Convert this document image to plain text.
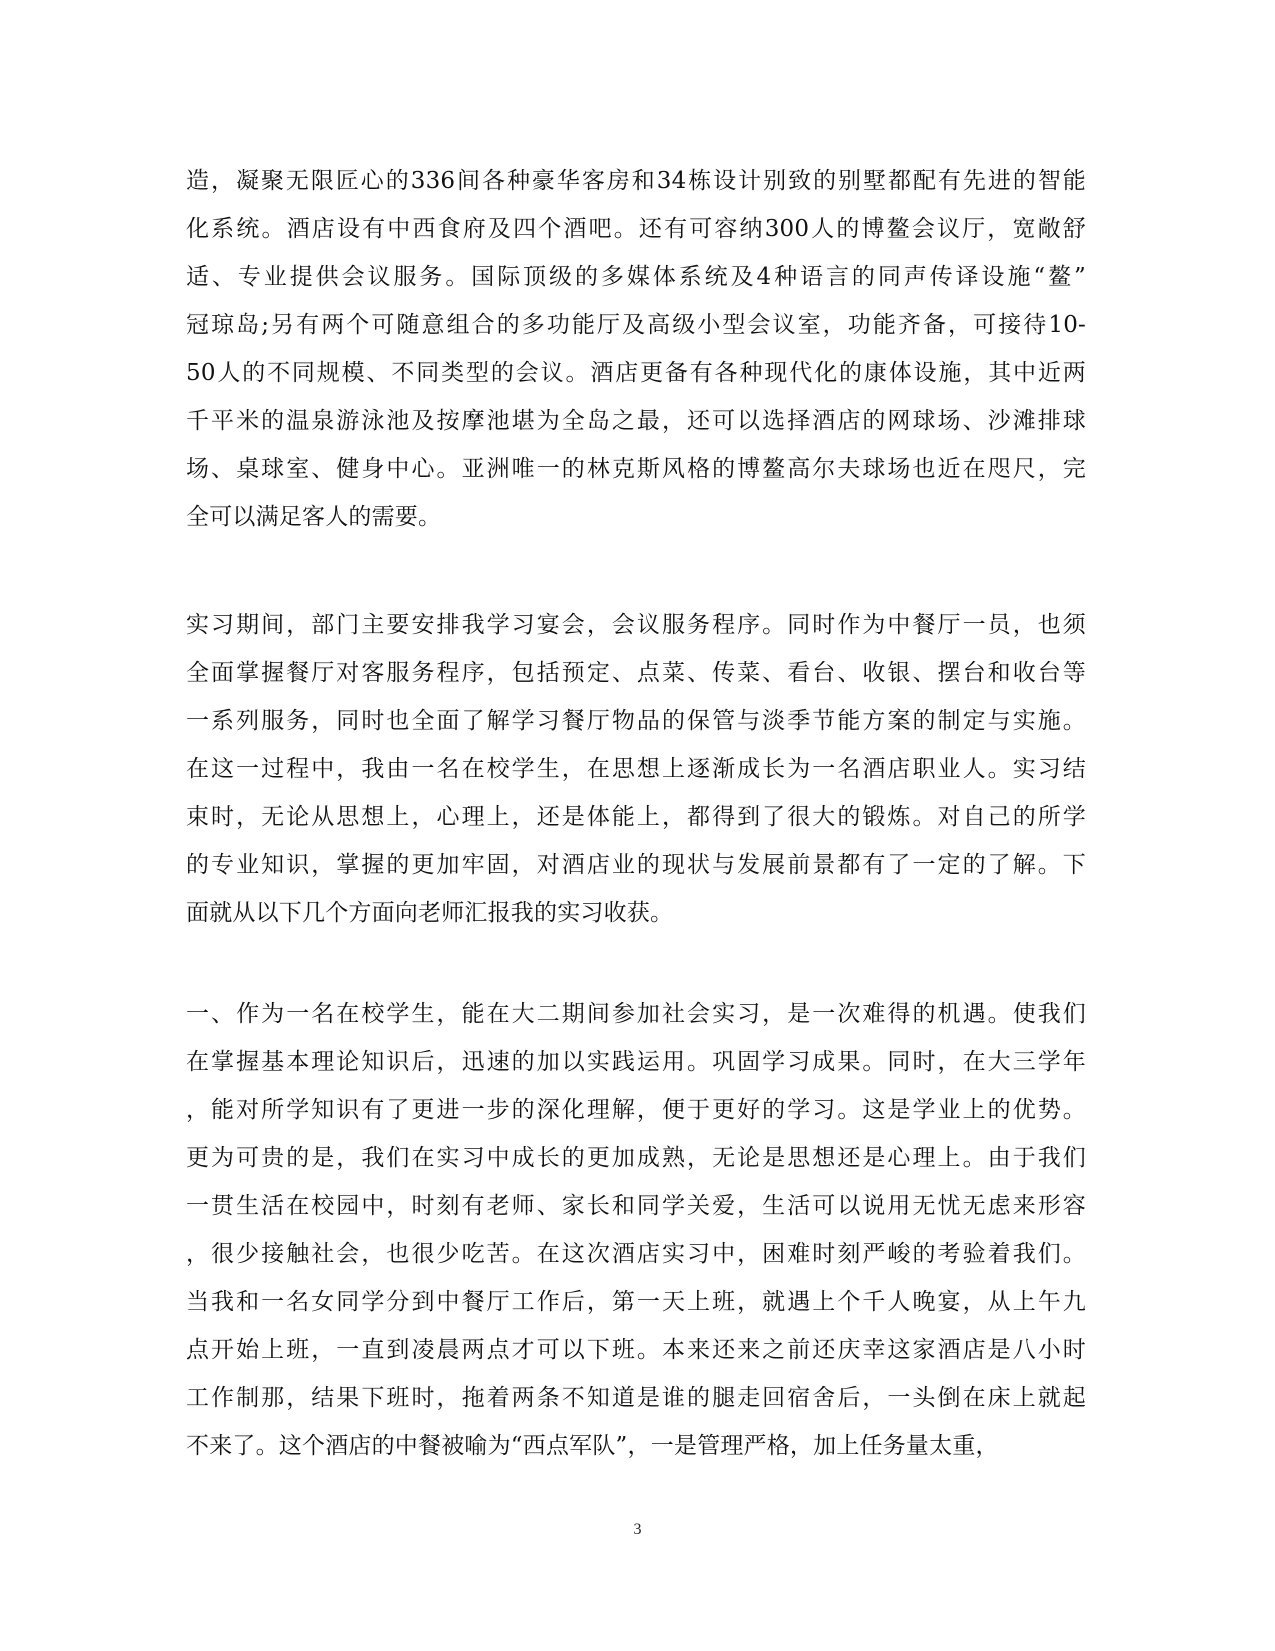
造，凝聚无限匠心的336间各种豪华客房和34栋设计别致的别墅都配有先进的智能
化系统。酒店设有中西食府及四个酒吧。还有可容纳300人的博鳌会议厅，宽敞舒
适、专业提供会议服务。国际顶级的多媒体系统及4种语言的同声传译设施“鳌”
冠琼岛;另有两个可随意组合的多功能厅及高级小型会议室，功能齐备，可接待10-
50人的不同规模、不同类型的会议。酒店更备有各种现代化的康体设施，其中近两
千平米的温泉游泳池及按摩池堪为全岛之最，还可以选择酒店的网球场、沙滩排球
场、桌球室、健身中心。亚洲唯一的林克斯风格的博鳌高尔夫球场也近在咫尺，完
全可以满足客人的需要。
实习期间，部门主要安排我学习宴会，会议服务程序。同时作为中餐厅一员，也须
全面掌握餐厅对客服务程序，包括预定、点菜、传菜、看台、收银、摆台和收台等
一系列服务，同时也全面了解学习餐厅物品的保管与淡季节能方案的制定与实施。
在这一过程中，我由一名在校学生，在思想上逐渐成长为一名酒店职业人。实习结
束时，无论从思想上，心理上，还是体能上，都得到了很大的锻炼。对自己的所学
的专业知识，掌握的更加牢固，对酒店业的现状与发展前景都有了一定的了解。下
面就从以下几个方面向老师汇报我的实习收获。
一、作为一名在校学生，能在大二期间参加社会实习，是一次难得的机遇。使我们
在掌握基本理论知识后，迅速的加以实践运用。巩固学习成果。同时，在大三学年
，能对所学知识有了更进一步的深化理解，便于更好的学习。这是学业上的优势。
更为可贵的是，我们在实习中成长的更加成熟，无论是思想还是心理上。由于我们
一贯生活在校园中，时刻有老师、家长和同学关爱，生活可以说用无忧无虑来形容
，很少接触社会，也很少吃苦。在这次酒店实习中，困难时刻严峻的考验着我们。
当我和一名女同学分到中餐厅工作后，第一天上班，就遇上个千人晚宴，从上午九
点开始上班，一直到凌晨两点才可以下班。本来还来之前还庆幸这家酒店是八小时
工作制那，结果下班时，拖着两条不知道是谁的腿走回宿舍后，一头倒在床上就起
不来了。这个酒店的中餐被喻为“西点军队”，一是管理严格，加上任务量太重，
3
